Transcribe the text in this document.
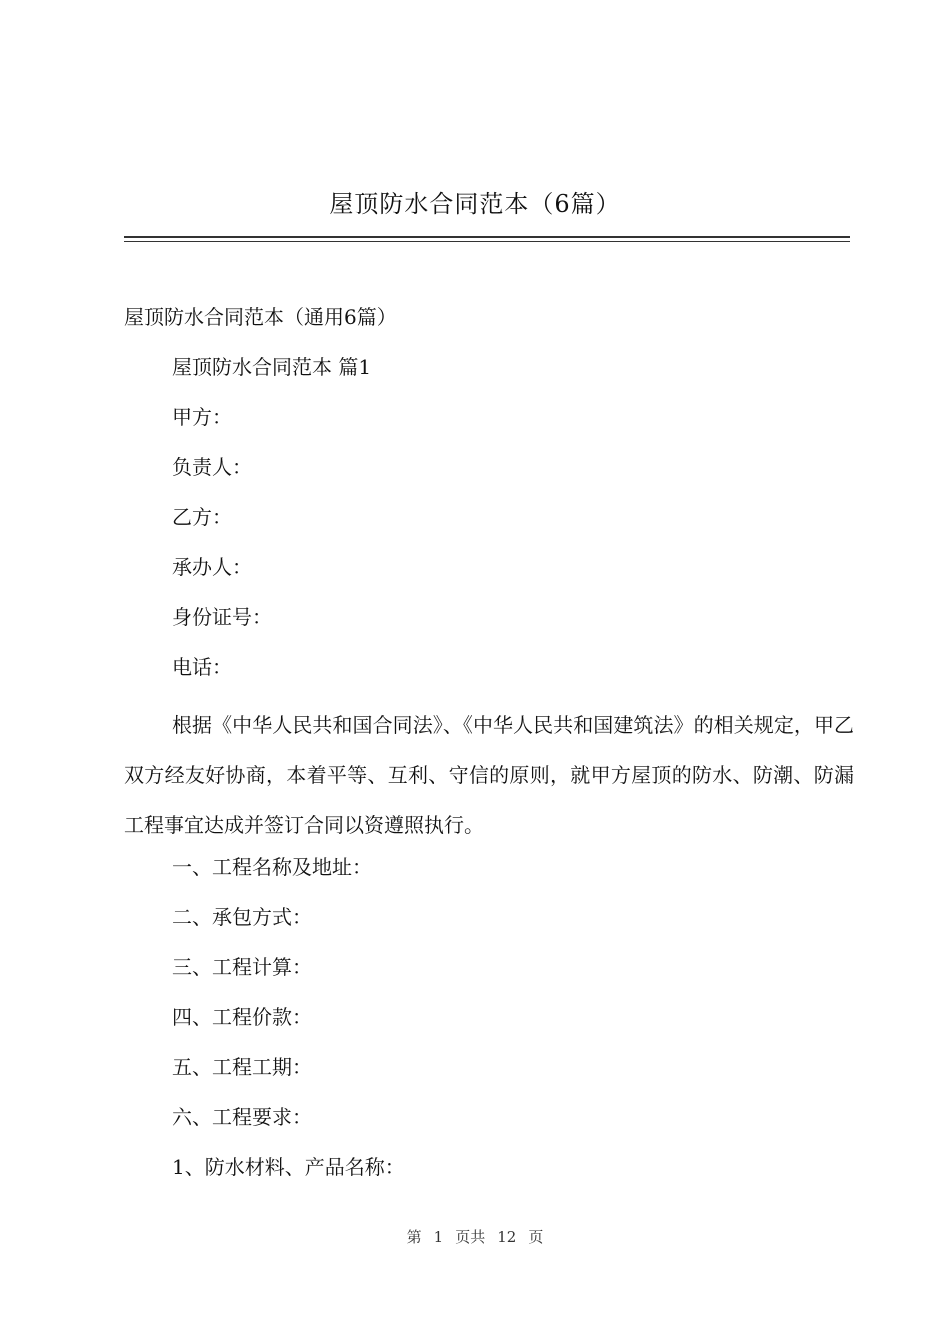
屋顶防水合同范本（6篇）
屋顶防水合同范本（通用6篇）
屋顶防水合同范本 篇1
甲方：
负责人：
乙方：
承办人：
身份证号：
电话：
根据《中华人民共和国合同法》、《中华人民共和国建筑法》的相关规定，甲乙双方经友好协商，本着平等、互利、守信的原则，就甲方屋顶的防水、防潮、防漏工程事宜达成并签订合同以资遵照执行。
一、工程名称及地址：
二、承包方式：
三、工程计算：
四、工程价款：
五、工程工期：
六、工程要求：
1、防水材料、产品名称：
第 1 页共 12 页
